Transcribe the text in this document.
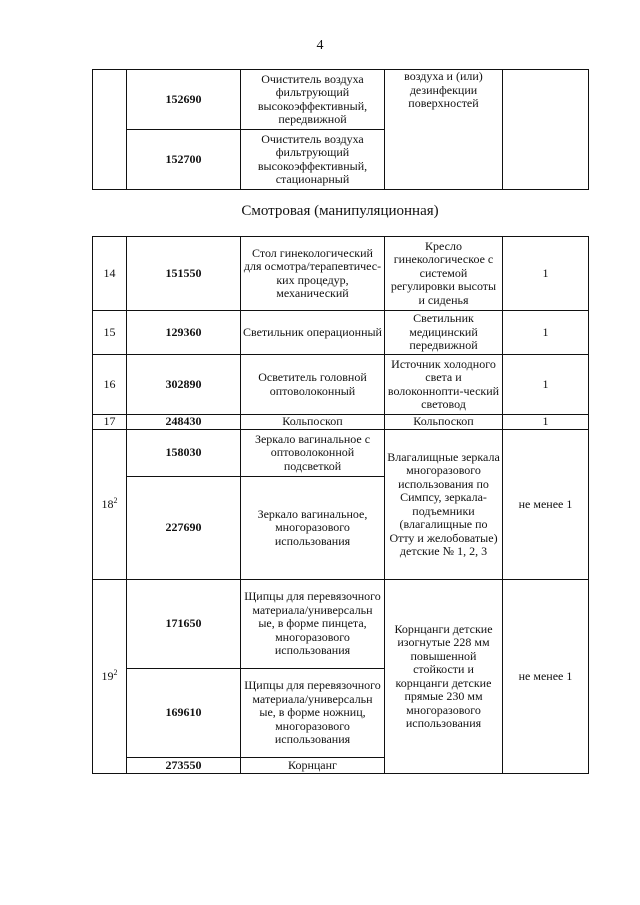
4
	152690	Очиститель воздуха фильтрующий высокоэффективный, передвижной	воздуха и (или) дезинфекции поверхностей	
	152700	Очиститель воздуха фильтрующий высокоэффективный, стационарный		
Смотровая (манипуляционная)
14	151550	Стол гинекологический для осмотра/терапевтичес-ких процедур, механический	Кресло гинекологическое с системой регулировки высоты и сиденья	1
15	129360	Светильник операционный	Светильник медицинский передвижной	1
16	302890	Осветитель головной оптоволоконный	Источник холодного света и волоконнопти-ческий световод	1
17	248430	Кольпоскоп	Кольпоскоп	1
$18^2$	158030	Зеркало вагинальное с оптоволоконной подсветкой	Влагалищные зеркала многоразового использования по Симпсу, зеркала-подъемники (влагалищные по Отту и желобоватые) детские № 1, 2, 3	не менее 1
	227690	Зеркало вагинальное, многоразового использования		
$19^2$	171650	Щипцы для перевязочного материала/универсальн ые, в форме пинцета, многоразового использования	Корнцанги детские изогнутые 228 мм повышенной стойкости и корнцанги детские прямые 230 мм многоразового использования	не менее 1
	169610	Щипцы для перевязочного материала/универсальн ые, в форме ножниц, многоразового использования		
	273550	Корнцанг		
